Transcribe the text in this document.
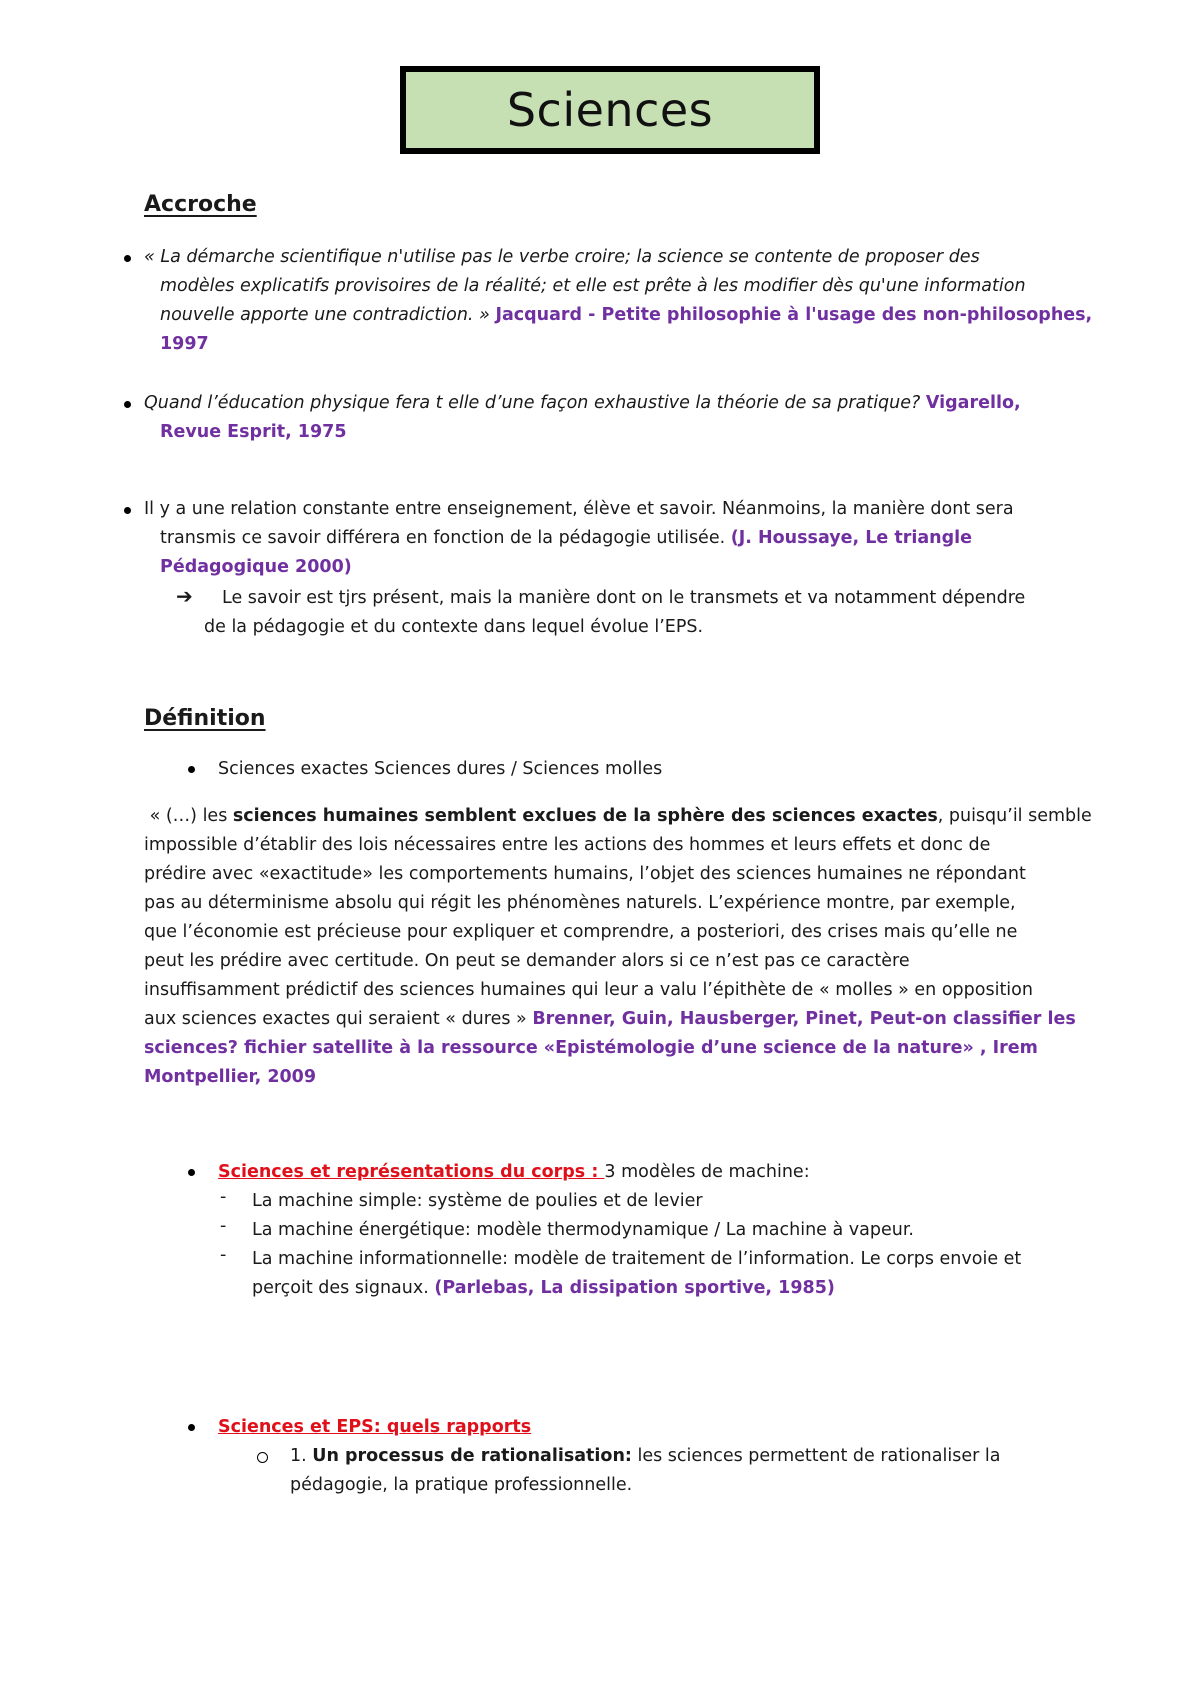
Sciences
Accroche
« La démarche scientifique n'utilise pas le verbe croire; la science se contente de proposer des
modèles explicatifs provisoires de la réalité; et elle est prête à les modifier dès qu'une information
nouvelle apporte une contradiction. » Jacquard - Petite philosophie à l'usage des non-philosophes,
1997
Quand l’éducation physique fera t elle d’une façon exhaustive la théorie de sa pratique? Vigarello,
Revue Esprit, 1975
Il y a une relation constante entre enseignement, élève et savoir. Néanmoins, la manière dont sera
transmis ce savoir différera en fonction de la pédagogie utilisée. (J. Houssaye, Le triangle
Pédagogique 2000)
➔	Le savoir est tjrs présent, mais la manière dont on le transmets et va notamment dépendre
de la pédagogie et du contexte dans lequel évolue l’EPS.
Définition
Sciences exactes Sciences dures / Sciences molles
« (…) les sciences humaines semblent exclues de la sphère des sciences exactes, puisqu’il semble
impossible d’établir des lois nécessaires entre les actions des hommes et leurs effets et donc de
prédire avec «exactitude» les comportements humains, l’objet des sciences humaines ne répondant
pas au déterminisme absolu qui régit les phénomènes naturels. L’expérience montre, par exemple,
que l’économie est précieuse pour expliquer et comprendre, a posteriori, des crises mais qu’elle ne
peut les prédire avec certitude. On peut se demander alors si ce n’est pas ce caractère
insuffisamment prédictif des sciences humaines qui leur a valu l’épithète de « molles » en opposition
aux sciences exactes qui seraient « dures » Brenner, Guin, Hausberger, Pinet, Peut-on classifier les
sciences? fichier satellite à la ressource «Epistémologie d’une science de la nature» , Irem
Montpellier, 2009
Sciences et représentations du corps : 3 modèles de machine:
- La machine simple: système de poulies et de levier
- La machine énergétique: modèle thermodynamique / La machine à vapeur.
- La machine informationnelle: modèle de traitement de l’information. Le corps envoie et
perçoit des signaux. (Parlebas, La dissipation sportive, 1985)
Sciences et EPS: quels rapports
1. Un processus de rationalisation: les sciences permettent de rationaliser la
pédagogie, la pratique professionnelle.
